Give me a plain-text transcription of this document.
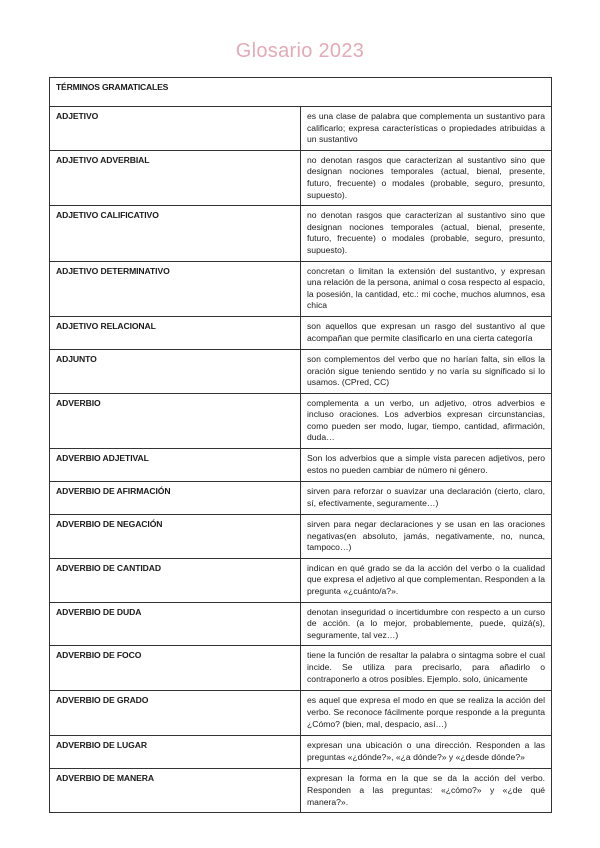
Glosario 2023
TÉRMINOS GRAMATICALES	
ADJETIVO	es una clase de palabra que complementa un sustantivo para calificarlo; expresa características o propiedades atribuidas a un sustantivo
ADJETIVO ADVERBIAL	no denotan rasgos que caracterizan al sustantivo sino que designan nociones temporales (actual, bienal, presente, futuro, frecuente) o modales (probable, seguro, presunto, supuesto).
ADJETIVO CALIFICATIVO	no denotan rasgos que caracterizan al sustantivo sino que designan nociones temporales (actual, bienal, presente, futuro, frecuente) o modales (probable, seguro, presunto, supuesto).
ADJETIVO DETERMINATIVO	concretan o limitan la extensión del sustantivo, y expresan una relación de la persona, animal o cosa respecto al espacio, la posesión, la cantidad, etc.: mi coche, muchos alumnos, esa chica
ADJETIVO RELACIONAL	son aquellos que expresan un rasgo del sustantivo al que acompañan que permite clasificarlo en una cierta categoría
ADJUNTO	son complementos del verbo que no harían falta, sin ellos la oración sigue teniendo sentido y no varía su significado si lo usamos. (CPred, CC)
ADVERBIO	complementa a un verbo, un adjetivo, otros adverbios e incluso oraciones. Los adverbios expresan circunstancias, como pueden ser modo, lugar, tiempo, cantidad, afirmación, duda…
ADVERBIO ADJETIVAL	Son los adverbios que a simple vista parecen adjetivos, pero estos no pueden cambiar de número ni género.
ADVERBIO DE AFIRMACIÓN	sirven para reforzar o suavizar una declaración (cierto, claro, sí, efectivamente, seguramente…)
ADVERBIO DE NEGACIÓN	sirven para negar declaraciones y se usan en las oraciones negativas(en absoluto, jamás, negativamente, no, nunca, tampoco…)
ADVERBIO DE CANTIDAD	indican en qué grado se da la acción del verbo o la cualidad que expresa el adjetivo al que complementan. Responden a la pregunta «¿cuánto/a?».
ADVERBIO DE DUDA	denotan inseguridad o incertidumbre con respecto a un curso de acción. (a lo mejor, probablemente, puede, quizá(s), seguramente, tal vez…)
ADVERBIO DE FOCO	tiene la función de resaltar la palabra o sintagma sobre el cual incide. Se utiliza para precisarlo, para añadirlo o contraponerlo a otros posibles. Ejemplo. solo, únicamente
ADVERBIO DE GRADO	es aquel que expresa el modo en que se realiza la acción del verbo. Se reconoce fácilmente porque responde a la pregunta ¿Cómo? (bien, mal, despacio, así…)
ADVERBIO DE LUGAR	expresan una ubicación o una dirección. Responden a las preguntas «¿dónde?», «¿a dónde?» y «¿desde dónde?»
ADVERBIO DE MANERA	expresan la forma en la que se da la acción del verbo. Responden a las preguntas: «¿cómo?» y «¿de qué manera?».
